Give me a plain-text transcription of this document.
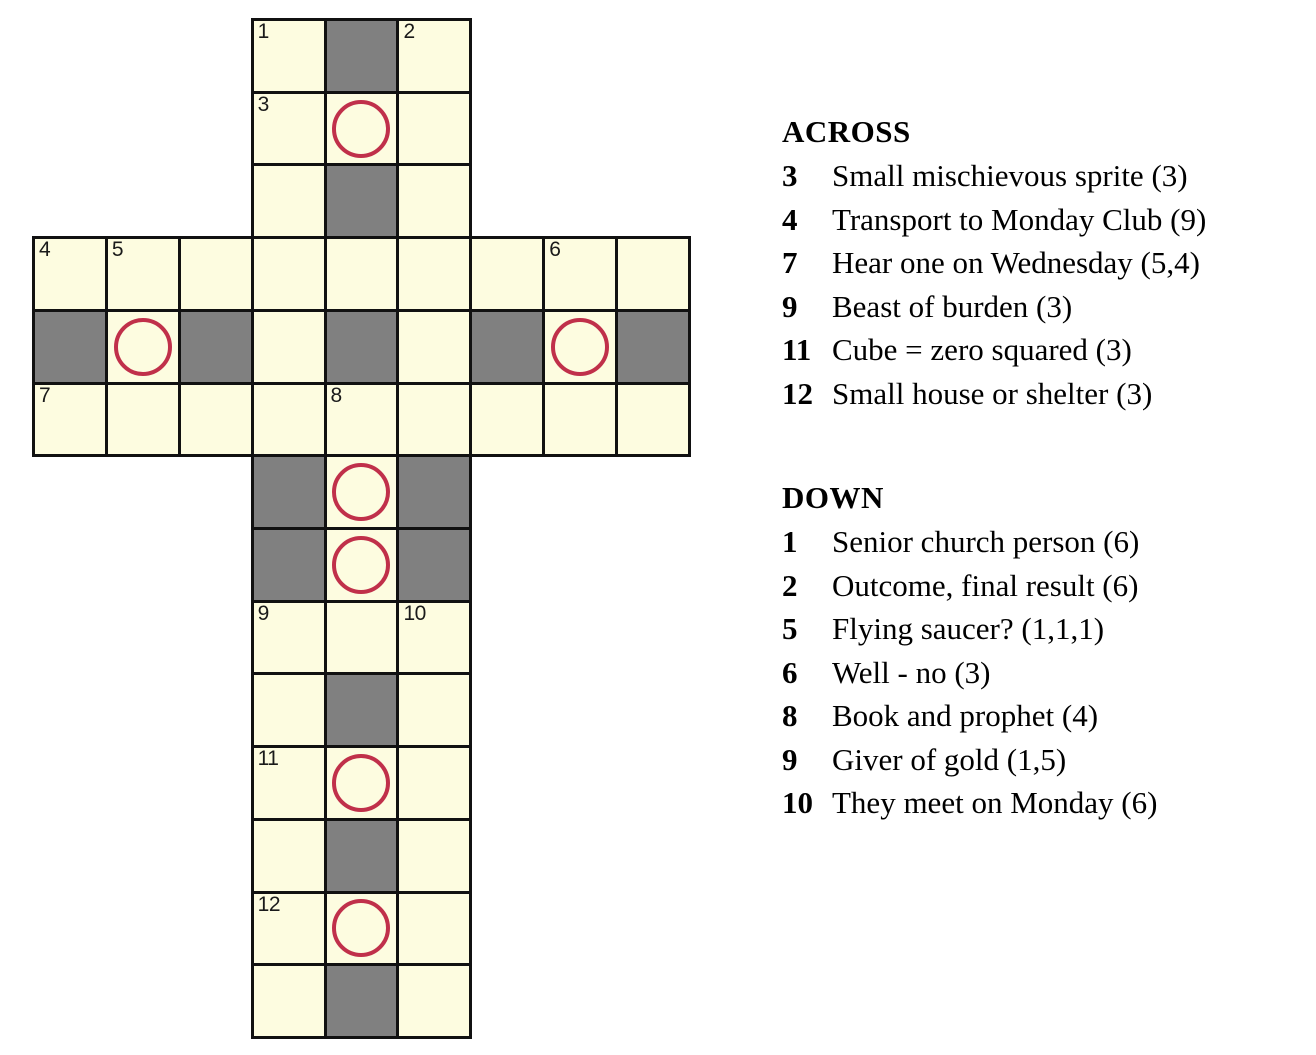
1	2
3
4	5	6
7	8
9	10
11
12
ACROSS
3	Small mischievous sprite (3)
4	Transport to Monday Club (9)
7	Hear one on Wednesday (5,4)
9	Beast of burden (3)
11 Cube = zero squared (3)
12 Small house or shelter (3)
DOWN
1	Senior church person (6)
2	Outcome, final result (6)
5	Flying saucer? (1,1,1)
6	Well - no (3)
8	Book and prophet (4)
9	Giver of gold (1,5)
10 They meet on Monday (6)
